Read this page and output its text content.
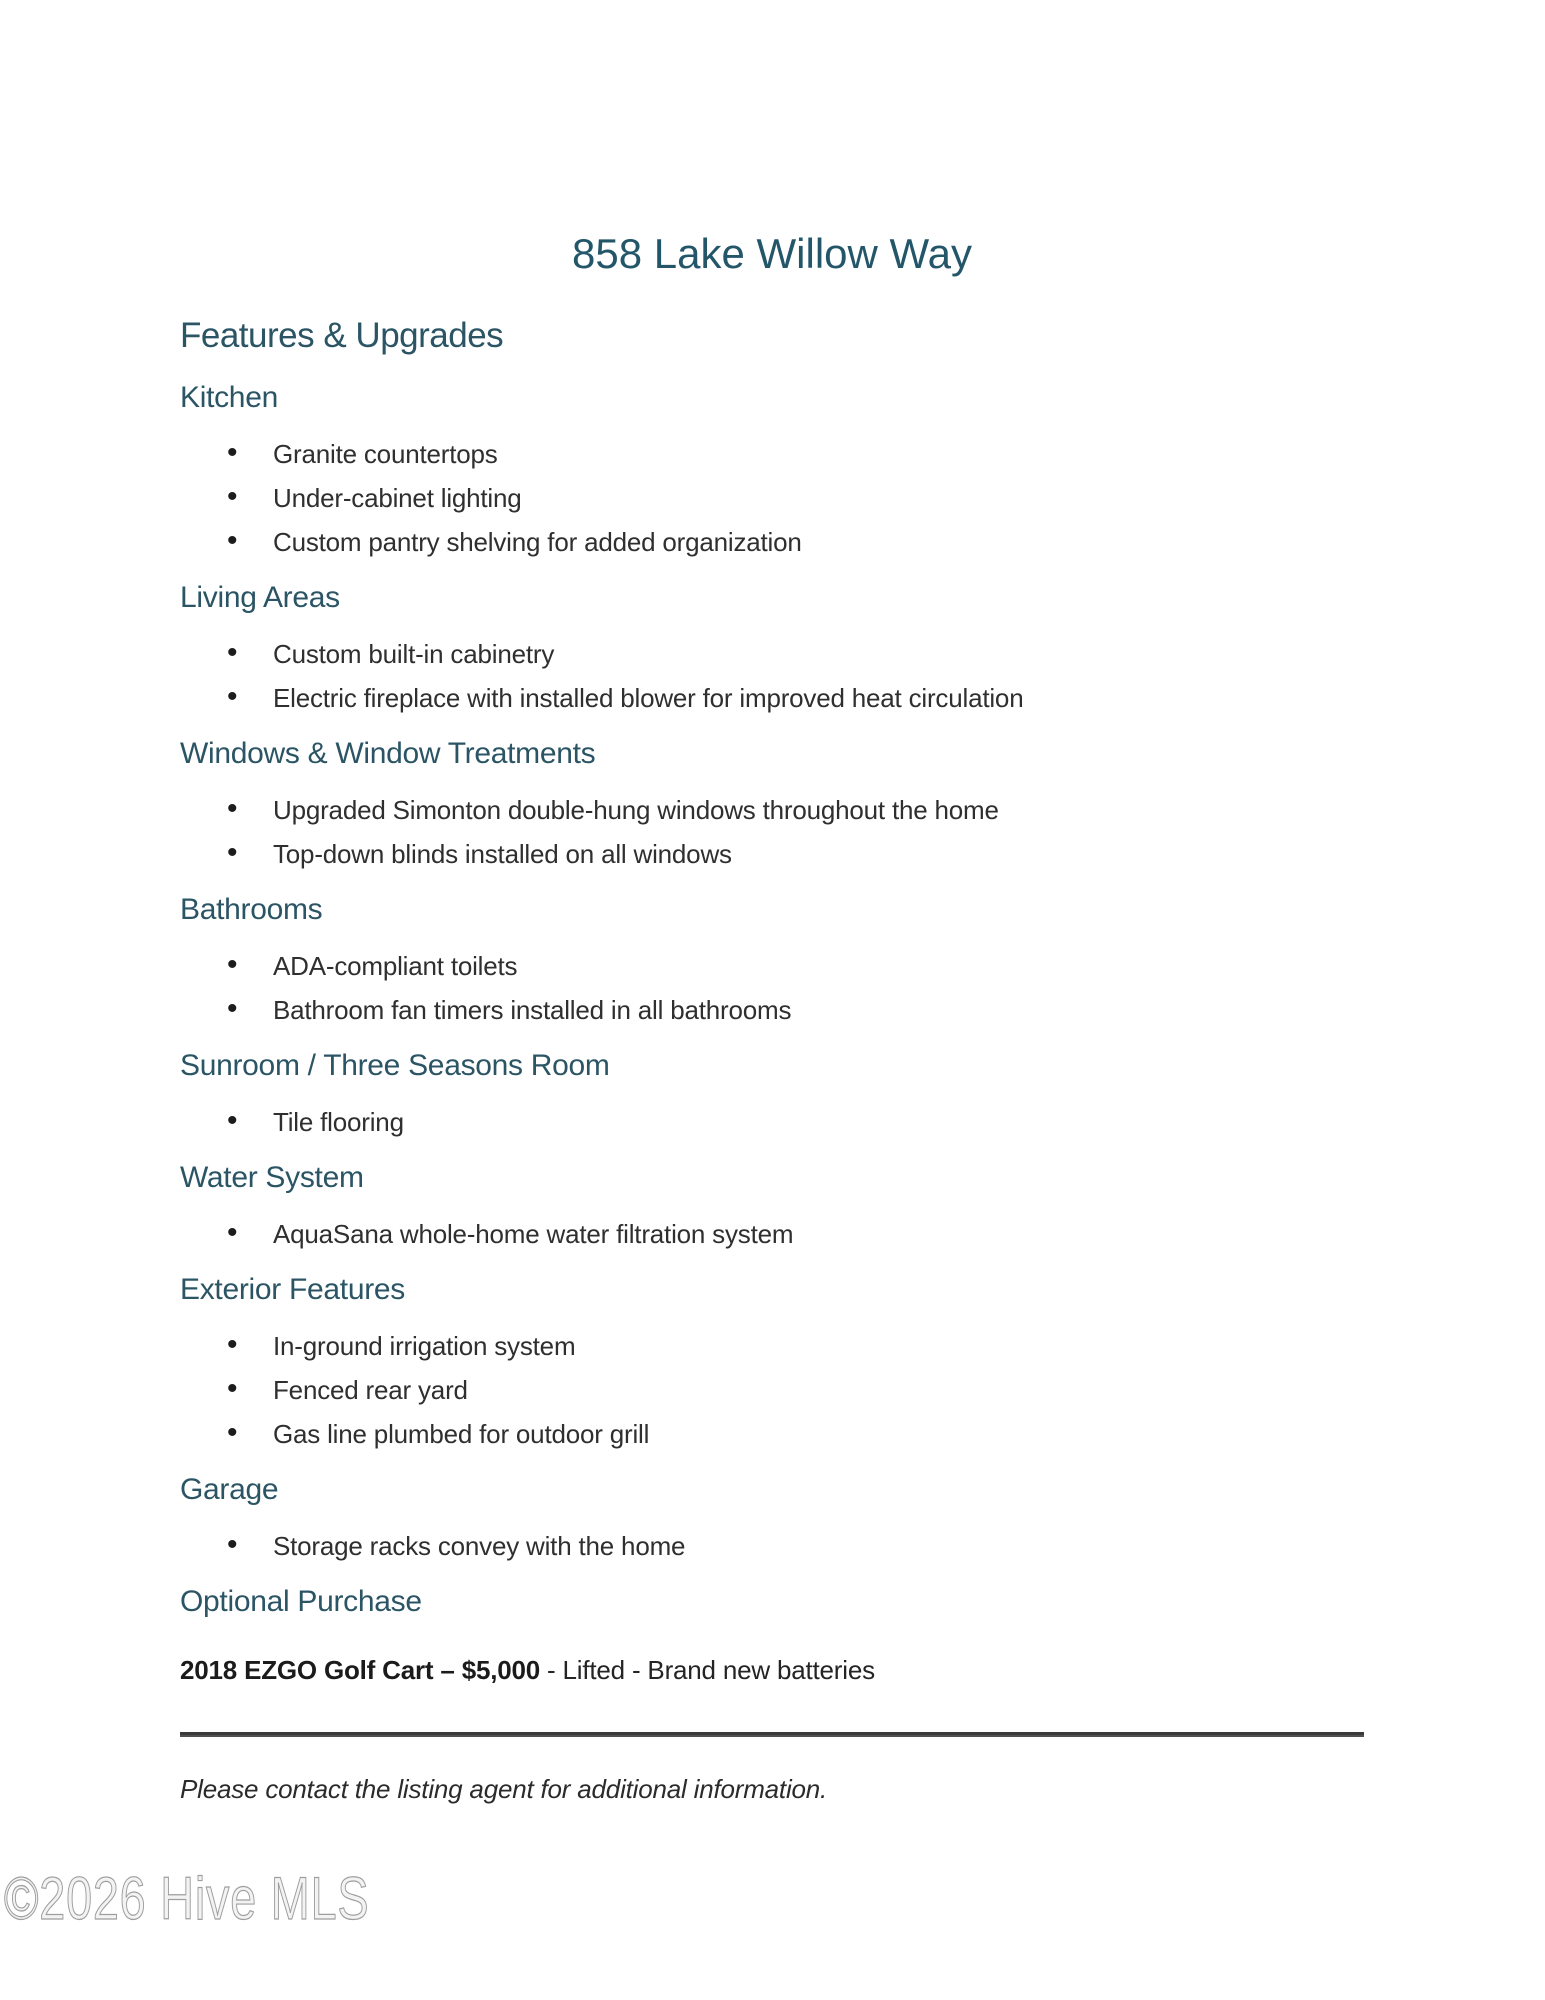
858 Lake Willow Way
Features & Upgrades
Kitchen
• Granite countertops
• Under-cabinet lighting
• Custom pantry shelving for added organization
Living Areas
• Custom built-in cabinetry
• Electric fireplace with installed blower for improved heat circulation
Windows & Window Treatments
• Upgraded Simonton double-hung windows throughout the home
• Top-down blinds installed on all windows
Bathrooms
• ADA-compliant toilets
• Bathroom fan timers installed in all bathrooms
Sunroom / Three Seasons Room
• Tile flooring
Water System
• AquaSana whole-home water filtration system
Exterior Features
• In-ground irrigation system
• Fenced rear yard
• Gas line plumbed for outdoor grill
Garage
• Storage racks convey with the home
Optional Purchase

2018 EZGO Golf Cart – $5,000 - Lifted - Brand new batteries

Please contact the listing agent for additional information.

©2026 Hive MLS
